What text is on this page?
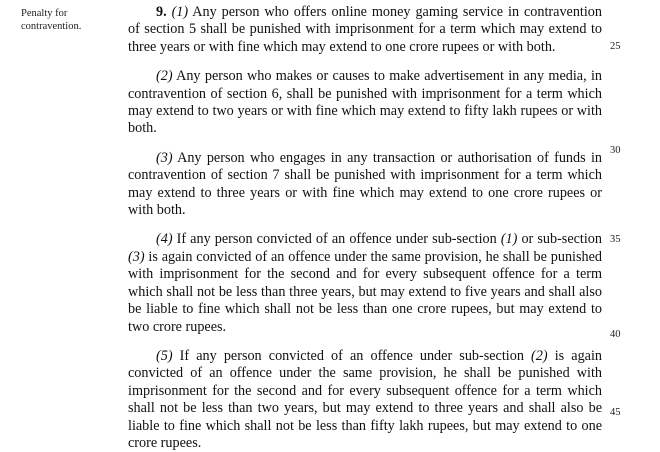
Penalty for contravention.

9. (1) Any person who offers online money gaming service in contravention of section 5 shall be punished with imprisonment for a term which may extend to three years or with fine which may extend to one crore rupees or with both.

(2) Any person who makes or causes to make advertisement in any media, in contravention of section 6, shall be punished with imprisonment for a term which may extend to two years or with fine which may extend to fifty lakh rupees or with both.

(3) Any person who engages in any transaction or authorisation of funds in contravention of section 7 shall be punished with imprisonment for a term which may extend to three years or with fine which may extend to one crore rupees or with both.

(4) If any person convicted of an offence under sub-section (1) or sub-section (3) is again convicted of an offence under the same provision, he shall be punished with imprisonment for the second and for every subsequent offence for a term which shall not be less than three years, but may extend to five years and shall also be liable to fine which shall not be less than one crore rupees, but may extend to two crore rupees.

(5) If any person convicted of an offence under sub-section (2) is again convicted of an offence under the same provision, he shall be punished with imprisonment for the second and for every subsequent offence for a term which shall not be less than two years, but may extend to three years and shall also be liable to fine which shall not be less than fifty lakh rupees, but may extend to one crore rupees.

25
30
35
40
45
